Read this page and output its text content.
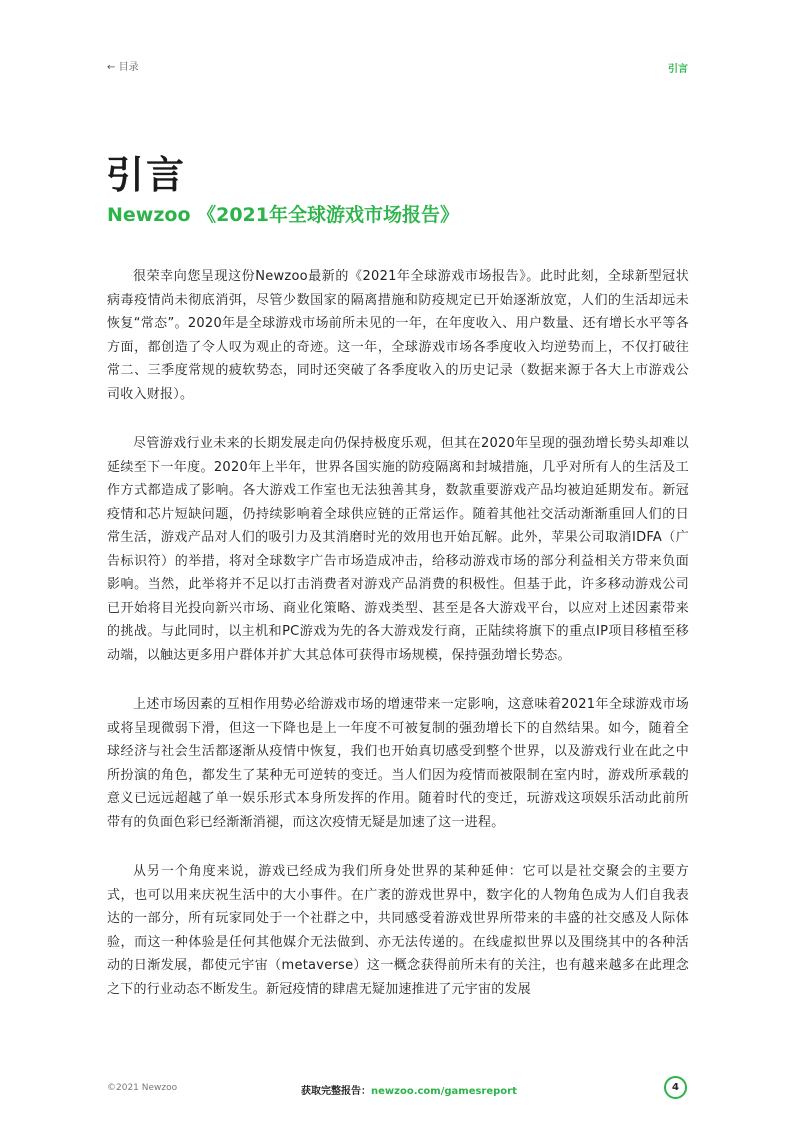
← 目录	引言
引言
Newzoo 《2021年全球游戏市场报告》

很荣幸向您呈现这份Newzoo最新的《2021年全球游戏市场报告》。此时此刻，全球新型冠状病毒疫情尚未彻底消弭，尽管少数国家的隔离措施和防疫规定已开始逐渐放宽，人们的生活却远未恢复“常态”。2020年是全球游戏市场前所未见的一年，在年度收入、用户数量、还有增长水平等各方面，都创造了令人叹为观止的奇迹。这一年，全球游戏市场各季度收入均逆势而上，不仅打破往常二、三季度常规的疲软势态，同时还突破了各季度收入的历史记录（数据来源于各大上市游戏公司收入财报）。

尽管游戏行业未来的长期发展走向仍保持极度乐观，但其在2020年呈现的强劲增长势头却难以延续至下一年度。2020年上半年，世界各国实施的防疫隔离和封城措施，几乎对所有人的生活及工作方式都造成了影响。各大游戏工作室也无法独善其身，数款重要游戏产品均被迫延期发布。新冠疫情和芯片短缺问题，仍持续影响着全球供应链的正常运作。随着其他社交活动渐渐重回人们的日常生活，游戏产品对人们的吸引力及其消磨时光的效用也开始瓦解。此外，苹果公司取消IDFA（广告标识符）的举措，将对全球数字广告市场造成冲击，给移动游戏市场的部分利益相关方带来负面影响。当然，此举将并不足以打击消费者对游戏产品消费的积极性。但基于此，许多移动游戏公司已开始将目光投向新兴市场、商业化策略、游戏类型、甚至是各大游戏平台，以应对上述因素带来的挑战。与此同时，以主机和PC游戏为先的各大游戏发行商，正陆续将旗下的重点IP项目移植至移动端，以触达更多用户群体并扩大其总体可获得市场规模，保持强劲增长势态。

上述市场因素的互相作用势必给游戏市场的增速带来一定影响，这意味着2021年全球游戏市场或将呈现微弱下滑，但这一下降也是上一年度不可被复制的强劲增长下的自然结果。如今，随着全球经济与社会生活都逐渐从疫情中恢复，我们也开始真切感受到整个世界，以及游戏行业在此之中所扮演的角色，都发生了某种无可逆转的变迁。当人们因为疫情而被限制在室内时，游戏所承载的意义已远远超越了单一娱乐形式本身所发挥的作用。随着时代的变迁，玩游戏这项娱乐活动此前所带有的负面色彩已经渐渐消褪，而这次疫情无疑是加速了这一进程。

从另一个角度来说，游戏已经成为我们所身处世界的某种延伸：它可以是社交聚会的主要方式，也可以用来庆祝生活中的大小事件。在广袤的游戏世界中，数字化的人物角色成为人们自我表达的一部分，所有玩家同处于一个社群之中，共同感受着游戏世界所带来的丰盛的社交感及人际体验，而这一种体验是任何其他媒介无法做到、亦无法传递的。在线虚拟世界以及围绕其中的各种活动的日渐发展，都使元宇宙（metaverse）这一概念获得前所未有的关注，也有越来越多在此理念之下的行业动态不断发生。新冠疫情的肆虐无疑加速推进了元宇宙的发展

©2021 Newzoo	获取完整报告：newzoo.com/gamesreport	4
